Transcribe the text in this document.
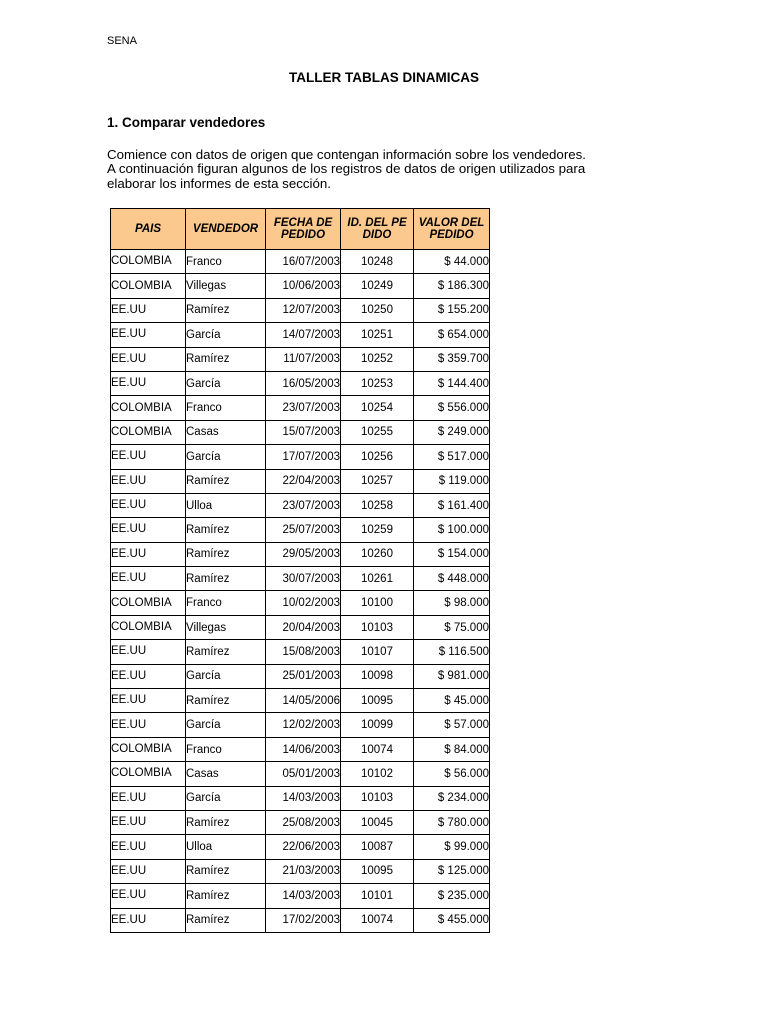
SENA
TALLER TABLAS DINAMICAS
1. Comparar vendedores
Comience con datos de origen que contengan información sobre los vendedores.
A continuación figuran algunos de los registros de datos de origen utilizados para
elaborar los informes de esta sección.
PAIS	VENDEDOR	FECHA DE PEDIDO	ID. DEL PEDIDO	VALOR DEL PEDIDO

COLOMBIA	Franco	16/07/2003	10248	$ 44.000
COLOMBIA	Villegas	10/06/2003	10249	$ 186.300
EE.UU	Ramírez	12/07/2003	10250	$ 155.200
EE.UU	García	14/07/2003	10251	$ 654.000
EE.UU	Ramírez	11/07/2003	10252	$ 359.700
EE.UU	García	16/05/2003	10253	$ 144.400
COLOMBIA	Franco	23/07/2003	10254	$ 556.000
COLOMBIA	Casas	15/07/2003	10255	$ 249.000
EE.UU	García	17/07/2003	10256	$ 517.000
EE.UU	Ramírez	22/04/2003	10257	$ 119.000
EE.UU	Ulloa	23/07/2003	10258	$ 161.400
EE.UU	Ramírez	25/07/2003	10259	$ 100.000
EE.UU	Ramírez	29/05/2003	10260	$ 154.000
EE.UU	Ramírez	30/07/2003	10261	$ 448.000
COLOMBIA	Franco	10/02/2003	10100	$ 98.000
COLOMBIA	Villegas	20/04/2003	10103	$ 75.000
EE.UU	Ramírez	15/08/2003	10107	$ 116.500
EE.UU	García	25/01/2003	10098	$ 981.000
EE.UU	Ramírez	14/05/2006	10095	$ 45.000
EE.UU	García	12/02/2003	10099	$ 57.000
COLOMBIA	Franco	14/06/2003	10074	$ 84.000
COLOMBIA	Casas	05/01/2003	10102	$ 56.000
EE.UU	García	14/03/2003	10103	$ 234.000
EE.UU	Ramírez	25/08/2003	10045	$ 780.000
EE.UU	Ulloa	22/06/2003	10087	$ 99.000
EE.UU	Ramírez	21/03/2003	10095	$ 125.000
EE.UU	Ramírez	14/03/2003	10101	$ 235.000
EE.UU	Ramírez	17/02/2003	10074	$ 455.000
